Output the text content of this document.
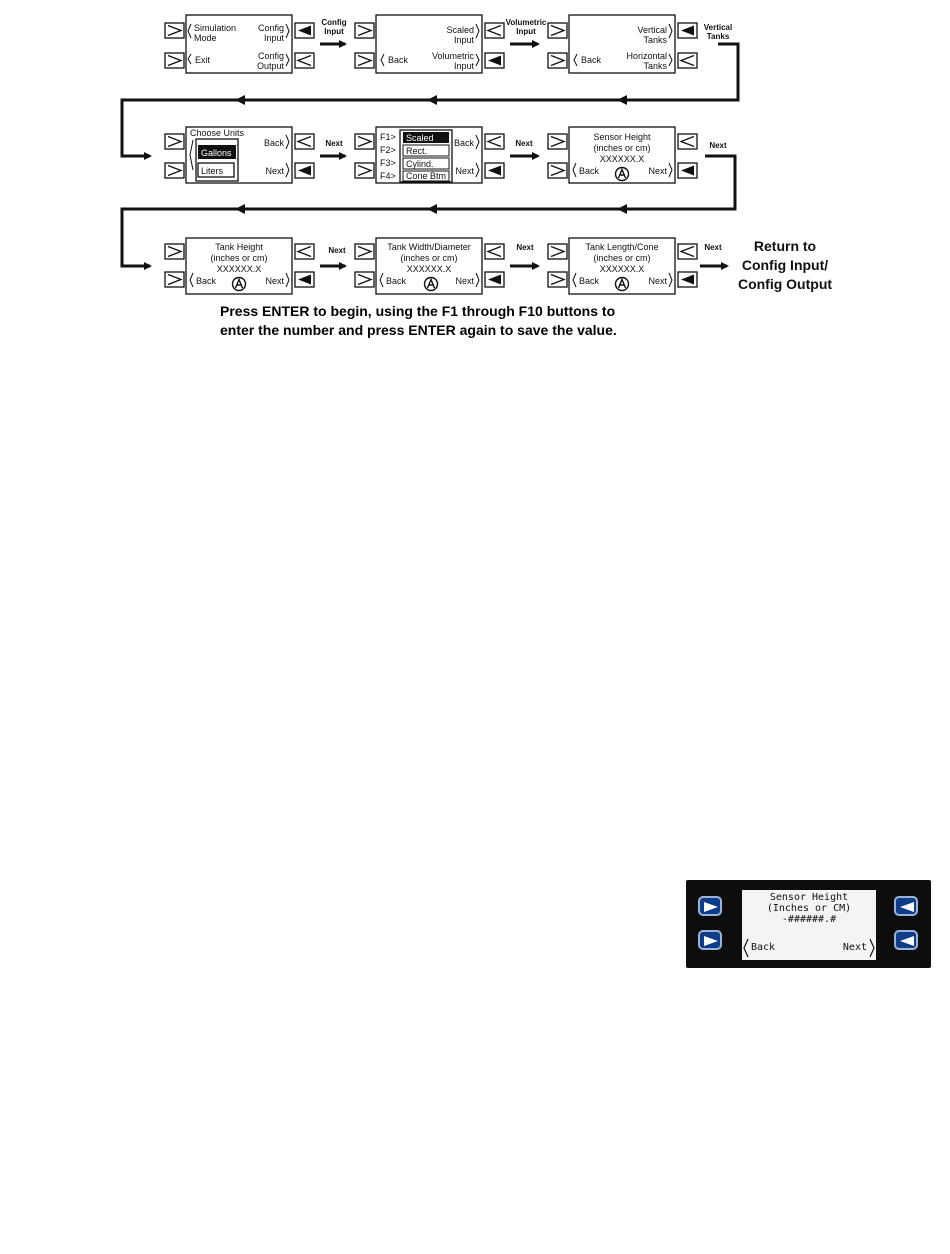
Simulation
Mode
Exit
Config
Input
Config
Output
Scaled
Input
Back	Volumetric
Input
Vertical
Tanks
Back	Horizontal
Tanks
Config
Input
Volumetric
Input	Vertical
Tanks
Choose Units
Gallons
Liters
Back
Next
F1>
F2>
F3>
F4>
Scaled
Rect.
Cylind.
Cone Btm
Back
Next
Sensor Height
(inches or cm)
XXXXXX.X
Back	Next
Next	Next	Next
Tank Height
(inches or cm)
XXXXXX.X
Back	Next
Tank Width/Diameter
(inches or cm)
XXXXXX.X
Back	Next
Tank Length/Cone
(inches or cm)
XXXXXX.X
Back	Next
Next	Next	Next Return to
Config Input/
Config Output
Press ENTER to begin, using the F1 through F10 buttons to
enter the number and press ENTER again to save the value.
Sensor Height
(Inches or CM)
-######.#
Back	Next
